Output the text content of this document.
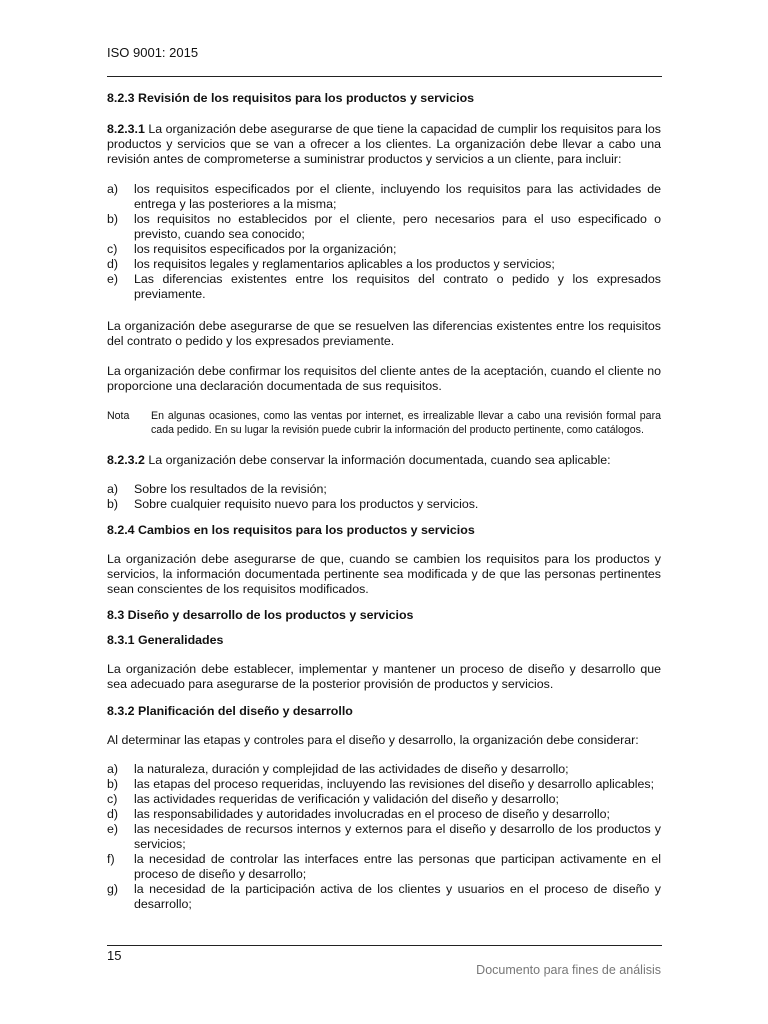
ISO 9001: 2015
8.2.3 Revisión de los requisitos para los productos y servicios

8.2.3.1 La organización debe asegurarse de que tiene la capacidad de cumplir los requisitos para los productos y servicios que se van a ofrecer a los clientes. La organización debe llevar a cabo una revisión antes de comprometerse a suministrar productos y servicios a un cliente, para incluir:

a)	los requisitos especificados por el cliente, incluyendo los requisitos para las actividades de entrega y las posteriores a la misma;
b)	los requisitos no establecidos por el cliente, pero necesarios para el uso especificado o previsto, cuando sea conocido;
c)	los requisitos especificados por la organización;
d)	los requisitos legales y reglamentarios aplicables a los productos y servicios;
e)	Las diferencias existentes entre los requisitos del contrato o pedido y los expresados previamente.

La organización debe asegurarse de que se resuelven las diferencias existentes entre los requisitos del contrato o pedido y los expresados previamente.

La organización debe confirmar los requisitos del cliente antes de la aceptación, cuando el cliente no proporcione una declaración documentada de sus requisitos.

Nota	En algunas ocasiones, como las ventas por internet, es irrealizable llevar a cabo una revisión formal para cada pedido. En su lugar la revisión puede cubrir la información del producto pertinente, como catálogos.

8.2.3.2 La organización debe conservar la información documentada, cuando sea aplicable:

a)	Sobre los resultados de la revisión;
b)	Sobre cualquier requisito nuevo para los productos y servicios.
8.2.4 Cambios en los requisitos para los productos y servicios

La organización debe asegurarse de que, cuando se cambien los requisitos para los productos y servicios, la información documentada pertinente sea modificada y de que las personas pertinentes sean conscientes de los requisitos modificados.

8.3 Diseño y desarrollo de los productos y servicios
8.3.1 Generalidades

La organización debe establecer, implementar y mantener un proceso de diseño y desarrollo que sea adecuado para asegurarse de la posterior provisión de productos y servicios.

8.3.2 Planificación del diseño y desarrollo

Al determinar las etapas y controles para el diseño y desarrollo, la organización debe considerar:

a)	la naturaleza, duración y complejidad de las actividades de diseño y desarrollo;
b)	las etapas del proceso requeridas, incluyendo las revisiones del diseño y desarrollo aplicables;
c)	las actividades requeridas de verificación y validación del diseño y desarrollo;
d)	las responsabilidades y autoridades involucradas en el proceso de diseño y desarrollo;
e)	las necesidades de recursos internos y externos para el diseño y desarrollo de los productos y servicios;
f)	la necesidad de controlar las interfaces entre las personas que participan activamente en el proceso de diseño y desarrollo;
g)	la necesidad de la participación activa de los clientes y usuarios en el proceso de diseño y desarrollo;
15
Documento para fines de análisis
